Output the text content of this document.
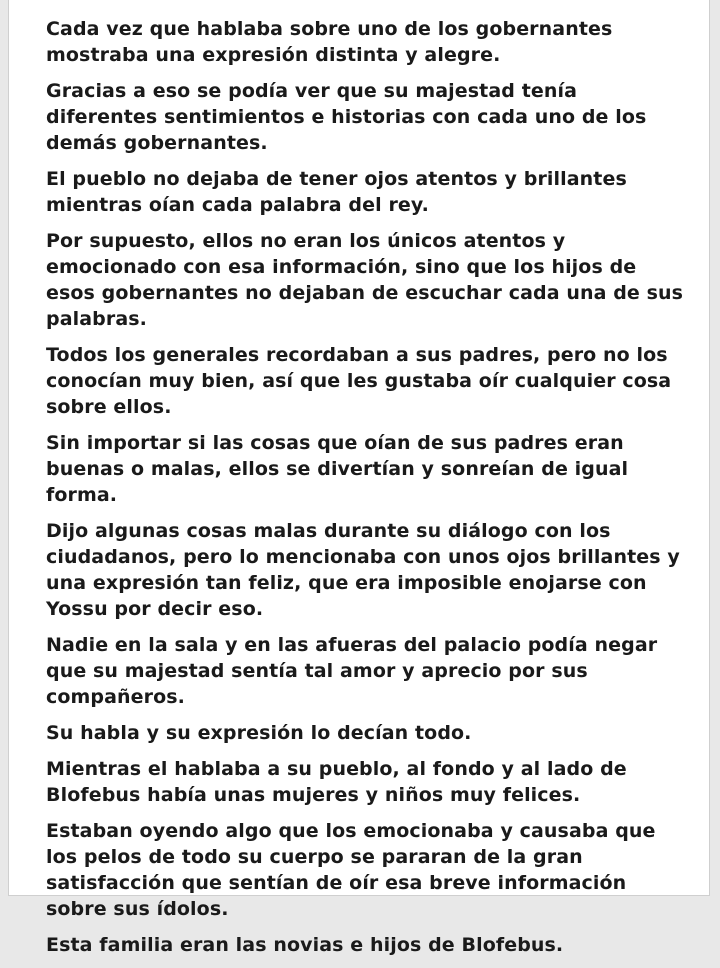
Cada vez que hablaba sobre uno de los gobernantes mostraba una expresión distinta y alegre.

Gracias a eso se podía ver que su majestad tenía diferentes sentimientos e historias con cada uno de los demás gobernantes.

El pueblo no dejaba de tener ojos atentos y brillantes mientras oían cada palabra del rey.

Por supuesto, ellos no eran los únicos atentos y emocionado con esa información, sino que los hijos de esos gobernantes no dejaban de escuchar cada una de sus palabras.

Todos los generales recordaban a sus padres, pero no los conocían muy bien, así que les gustaba oír cualquier cosa sobre ellos.

Sin importar si las cosas que oían de sus padres eran buenas o malas, ellos se divertían y sonreían de igual forma.

Dijo algunas cosas malas durante su diálogo con los ciudadanos, pero lo mencionaba con unos ojos brillantes y una expresión tan feliz, que era imposible enojarse con Yossu por decir eso.

Nadie en la sala y en las afueras del palacio podía negar que su majestad sentía tal amor y aprecio por sus compañeros.

Su habla y su expresión lo decían todo.

Mientras el hablaba a su pueblo, al fondo y al lado de Blofebus había unas mujeres y niños muy felices.

Estaban oyendo algo que los emocionaba y causaba que los pelos de todo su cuerpo se pararan de la gran satisfacción que sentían de oír esa breve información sobre sus ídolos.

Esta familia eran las novias e hijos de Blofebus.
